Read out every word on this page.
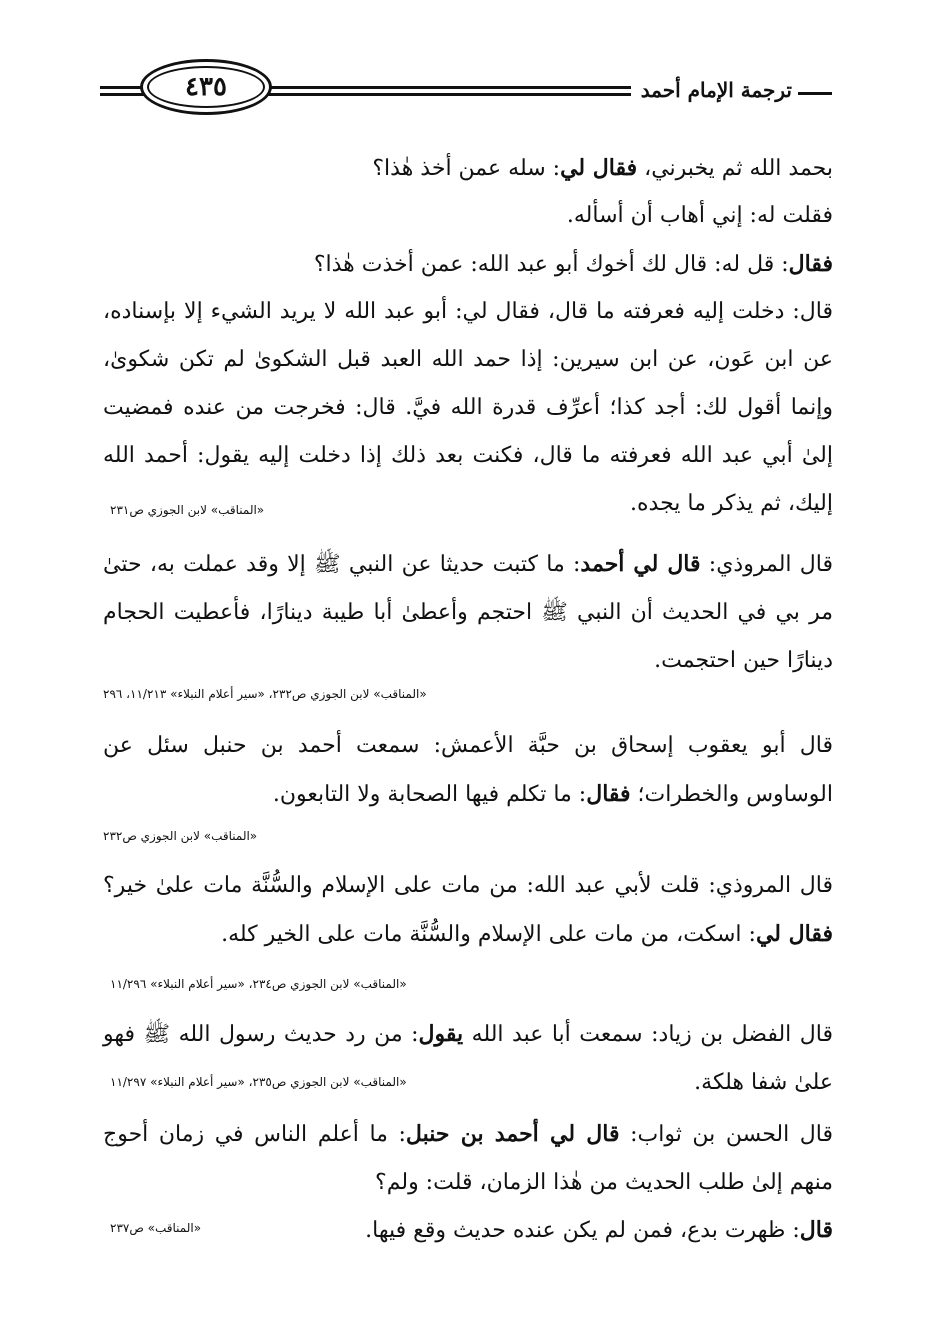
ترجمة الإمام أحمد
٤٣٥
بحمد الله ثم يخبرني، فقال لي: سله عمن أخذ هٰذا؟
فقلت له: إني أهاب أن أسأله.
فقال: قل له: قال لك أخوك أبو عبد الله: عمن أخذت هٰذا؟
قال: دخلت إليه فعرفته ما قال، فقال لي: أبو عبد الله لا يريد الشيء إلا بإسناده، عن ابن عَون، عن ابن سيرين: إذا حمد الله العبد قبل الشكوىٰ لم تكن شكوىٰ، وإنما أقول لك: أجد كذا؛ أعرِّف قدرة الله فيَّ. قال: فخرجت من عنده فمضيت إلىٰ أبي عبد الله فعرفته ما قال، فكنت بعد ذلك إذا دخلت إليه يقول: أحمد الله إليك، ثم يذكر ما يجده.
«المناقب» لابن الجوزي ص٢٣١
قال المروذي: قال لي أحمد: ما كتبت حديثا عن النبي ﷺ إلا وقد عملت به، حتىٰ مر بي في الحديث أن النبي ﷺ احتجم وأعطىٰ أبا طيبة دينارًا، فأعطيت الحجام دينارًا حين احتجمت.
«المناقب» لابن الجوزي ص٢٣٢، «سير أعلام النبلاء» ١١/٢١٣، ٢٩٦
قال أبو يعقوب إسحاق بن حبَّة الأعمش: سمعت أحمد بن حنبل سئل عن الوساوس والخطرات؛ فقال: ما تكلم فيها الصحابة ولا التابعون.
«المناقب» لابن الجوزي ص٢٣٢
قال المروذي: قلت لأبي عبد الله: من مات على الإسلام والسُّنَّة مات علىٰ خير؟ فقال لي: اسكت، من مات على الإسلام والسُّنَّة مات على الخير كله.
«المناقب» لابن الجوزي ص٢٣٤، «سير أعلام النبلاء» ١١/٢٩٦
قال الفضل بن زياد: سمعت أبا عبد الله يقول: من رد حديث رسول الله ﷺ فهو علىٰ شفا هلكة.
«المناقب» لابن الجوزي ص٢٣٥، «سير أعلام النبلاء» ١١/٢٩٧
قال الحسن بن ثواب: قال لي أحمد بن حنبل: ما أعلم الناس في زمان أحوج منهم إلىٰ طلب الحديث من هٰذا الزمان، قلت: ولم؟
قال: ظهرت بدع، فمن لم يكن عنده حديث وقع فيها.
«المناقب» ص٢٣٧
